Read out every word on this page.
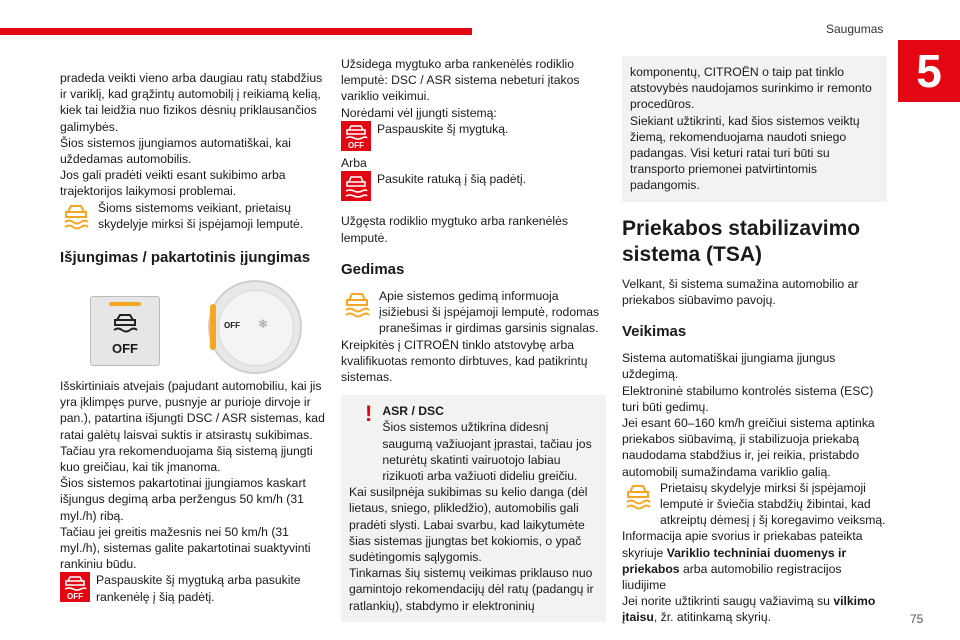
Saugumas
5
75

pradeda veikti vieno arba daugiau ratų stabdžius

ir variklį, kad grąžintų automobilį į reikiamą kelią,

kiek tai leidžia nuo fizikos dėsnių priklausančios

galimybės.

Šios sistemos įjungiamos automatiškai, kai

uždedamas automobilis.

Jos gali pradėti veikti esant sukibimo arba

trajektorijos laikymosi problemai.

Šioms sistemoms veikiant, prietaisų skydelyje mirksi ši įspėjamoji lemputė.
Išjungimas / pakartotinis įjungimas
OFF
OFF ❄

Išskirtiniais atvejais (pajudant automobiliu, kai jis

yra įklimpęs purve, pusnyje ar purioje dirvoje ir

pan.), patartina išjungti DSC / ASR sistemas, kad

ratai galėtų laisvai suktis ir atsirastų sukibimas.

Tačiau yra rekomenduojama šią sistemą įjungti

kuo greičiau, kai tik įmanoma.

Šios sistemos pakartotinai įjungiamos kaskart

išjungus degimą arba peržengus 50 km/h (31

myl./h) ribą.

Tačiau jei greitis mažesnis nei 50 km/h (31

myl./h), sistemas galite pakartotinai suaktyvinti

rankiniu būdu.

OFF
Paspauskite šį mygtuką arba pasukite rankenėlę į šią padėtį.

Užsidega mygtuko arba rankenėlės rodiklio

lemputė: DSC / ASR sistema nebeturi įtakos

variklio veikimui.

Norėdami vėl įjungti sistemą:

OFF
Paspauskite šį mygtuką.

Arba

Pasukite ratuką į šią padėtį.

Užgęsta rodiklio mygtuko arba rankenėlės

lemputė.

Gedimas
Apie sistemos gedimą informuoja įsižiebusi ši įspėjamoji lemputė, rodomas pranešimas ir girdimas garsinis signalas.

Kreipkitės į CITROËN tinklo atstovybę arba

kvalifikuotas remonto dirbtuves, kad patikrintų

sistemas.

! ASR / DSC
Šios sistemos užtikrina didesnį saugumą važiuojant įprastai, tačiau jos neturėtų skatinti vairuotojo labiau rizikuoti arba važiuoti dideliu greičiu.

Kai susilpnėja sukibimas su kelio danga (dėl lietaus, sniego, plikledžio), automobilis gali pradėti slysti. Labai svarbu, kad laikytumėte šias sistemas įjungtas bet kokiomis, o ypač sudėtingomis sąlygomis.

Tinkamas šių sistemų veikimas priklauso nuo gamintojo rekomendacijų dėl ratų (padangų ir ratlankių), stabdymo ir elektroninių

komponentų, CITROËN o taip pat tinklo atstovybės naudojamos surinkimo ir remonto procedūros.

Siekiant užtikrinti, kad šios sistemos veiktų žiemą, rekomenduojama naudoti sniego padangas. Visi keturi ratai turi būti su transporto priemonei patvirtintomis padangomis.

Priekabos stabilizavimo sistema (TSA)

Velkant, ši sistema sumažina automobilio ar priekabos siūbavimo pavojų.

Veikimas

Sistema automatiškai įjungiama įjungus

uždegimą.

Elektroninė stabilumo kontrolės sistema (ESC)

turi būti gedimų.

Jei esant 60–160 km/h greičiui sistema aptinka

priekabos siūbavimą, ji stabilizuoja priekabą

naudodama stabdžius ir, jei reikia, pristabdo

automobilį sumažindama variklio galią.

Prietaisų skydelyje mirksi ši įspėjamoji lemputė ir šviečia stabdžių žibintai, kad atkreiptų dėmesį į šį koregavimo veiksmą.

Informacija apie svorius ir priekabas pateikta skyriuje Variklio techniniai duomenys ir priekabos arba automobilio registracijos liudijime

Jei norite užtikrinti saugų važiavimą su vilkimo įtaisu, žr. atitinkamą skyrių.
